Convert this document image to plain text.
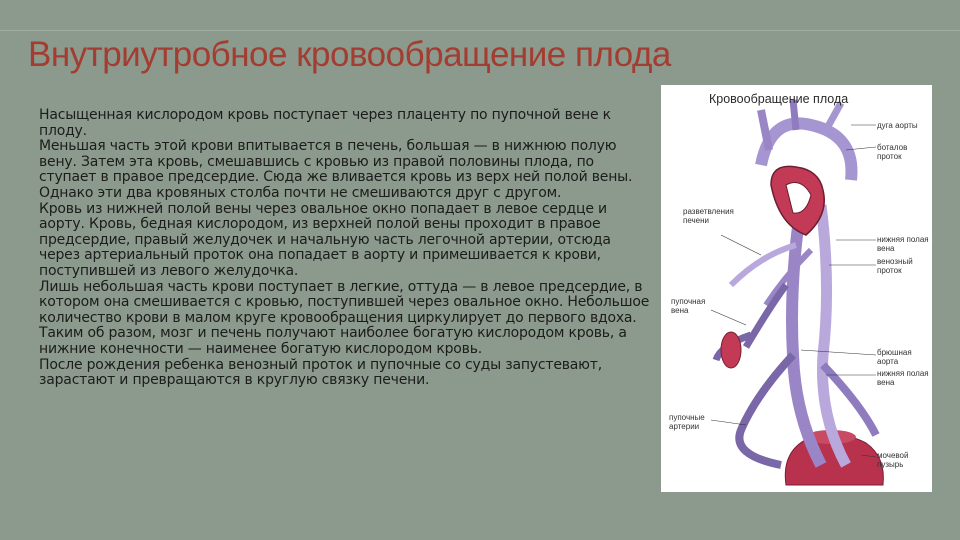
Внутриутробное кровообращение плода

Насыщенная кислородом кровь поступает через плаценту по пупочной вене к плоду.

Меньшая часть этой крови впитывается в печень, большая — в нижнюю полую вену. Затем эта кровь, смешавшись с кровью из правой половины плода, по ступает в правое предсердие. Сюда же вливается кровь из верх ней полой вены. Однако эти два кровяных столба почти не смешиваются друг с другом.

Кровь из нижней полой вены через овальное окно попадает в левое сердце и аорту. Кровь, бедная кислородом, из верхней полой вены проходит в правое предсердие, правый желудочек и начальную часть легочной артерии, отсюда через артериальный проток она попадает в аорту и примешивается к крови, поступившей из левого желудочка.

Лишь небольшая часть крови поступает в легкие, оттуда — в левое предсердие, в котором она смешивается с кровью, поступившей через овальное окно. Небольшое количество крови в малом круге кровообращения циркулирует до первого вдоха.

Таким об разом, мозг и печень получают наиболее богатую кислородом кровь, а нижние конечности — наименее богатую кислородом кровь.

После рождения ребенка венозный проток и пупочные со суды запустевают, зарастают и превращаются в круглую связку печени.

Кровообращение плода
дуга аорты
боталов
проток
разветвления
печени
нижняя полая
вена
венозный
проток
пупочная
вена
брюшная
аорта
нижняя полая
вена
пупочные
артерии
мочевой
пузырь
